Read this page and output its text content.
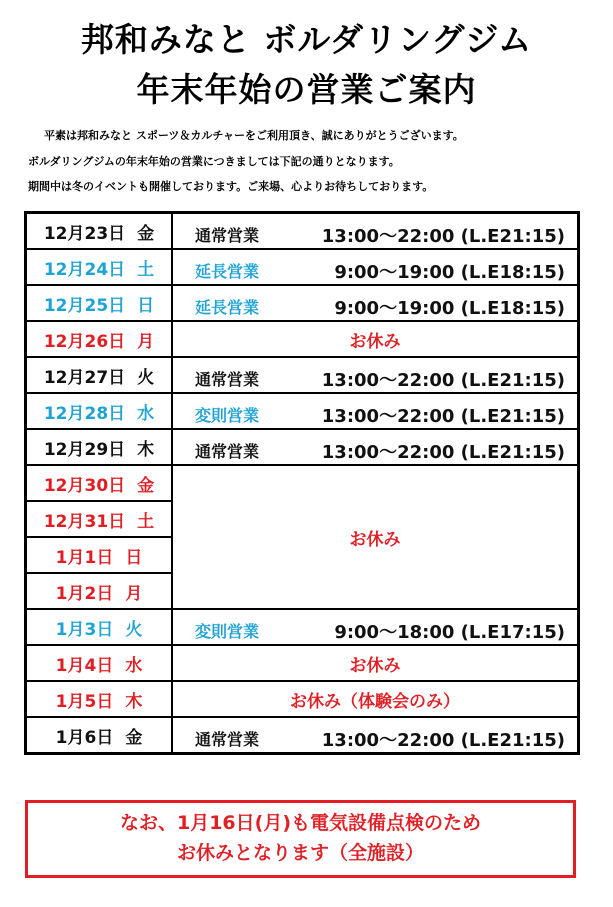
邦和みなと ボルダリングジム
年末年始の営業ご案内
平素は邦和みなと スポーツ＆カルチャーをご利用頂き、誠にありがとうございます。
ボルダリングジムの年末年始の営業につきましては下記の通りとなります。
期間中は冬のイベントも開催しております。ご来場、心よりお待ちしております。
12月23日 金	通常営業 13:00～22:00 (L.E21:15)

12月24日 土	延長営業 9:00～19:00 (L.E18:15)

12月25日 日	延長営業 9:00～19:00 (L.E18:15)

12月26日 月	お休み
12月27日 火	通常営業 13:00～22:00 (L.E21:15)

12月28日 水	変則営業 13:00～22:00 (L.E21:15)

12月29日 木	通常営業 13:00～22:00 (L.E21:15)

12月30日 金	お休み
12月31日 土	
1月1日 日	
1月2日 月	
1月3日 火	変則営業 9:00～18:00 (L.E17:15)

1月4日 水	お休み
1月5日 木	お休み（体験会のみ）
1月6日 金	通常営業 13:00～22:00 (L.E21:15)
なお、1月16日(月)も電気設備点検のため
お休みとなります（全施設）
